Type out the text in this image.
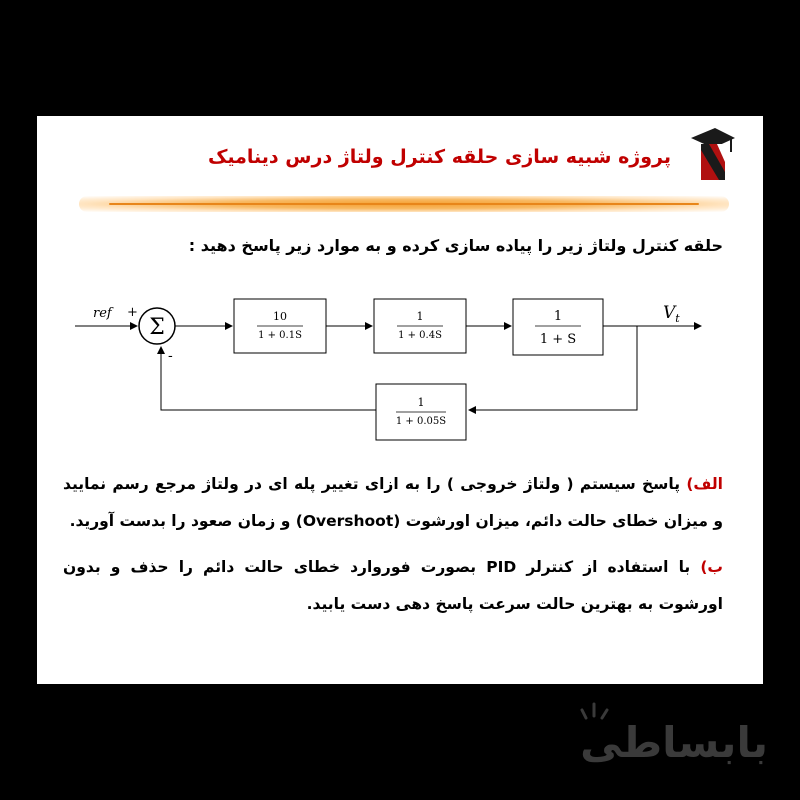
پروژه شبیه سازی حلقه کنترل ولتاژ درس دینامیک
حلقه کنترل ولتاژ زیر را پیاده سازی کرده و به موارد زیر پاسخ دهید :
ref +
Σ
-
10
1 + 0.1S
1
1 + 0.4S
1
1 + S
$V_t$
1
1 + 0.05S
الف) پاسخ سیستم ( ولتاژ خروجی ) را به ازای تغییر پله ای در ولتاژ مرجع رسم نمایید و میزان خطای حالت دائم، میزان اورشوت (Overshoot) و زمان صعود را بدست آورید.
ب) با استفاده از کنترلر PID بصورت فوروارد خطای حالت دائم را حذف و بدون اورشوت به بهترین حالت سرعت پاسخ دهی دست یابید.
بابساطی
